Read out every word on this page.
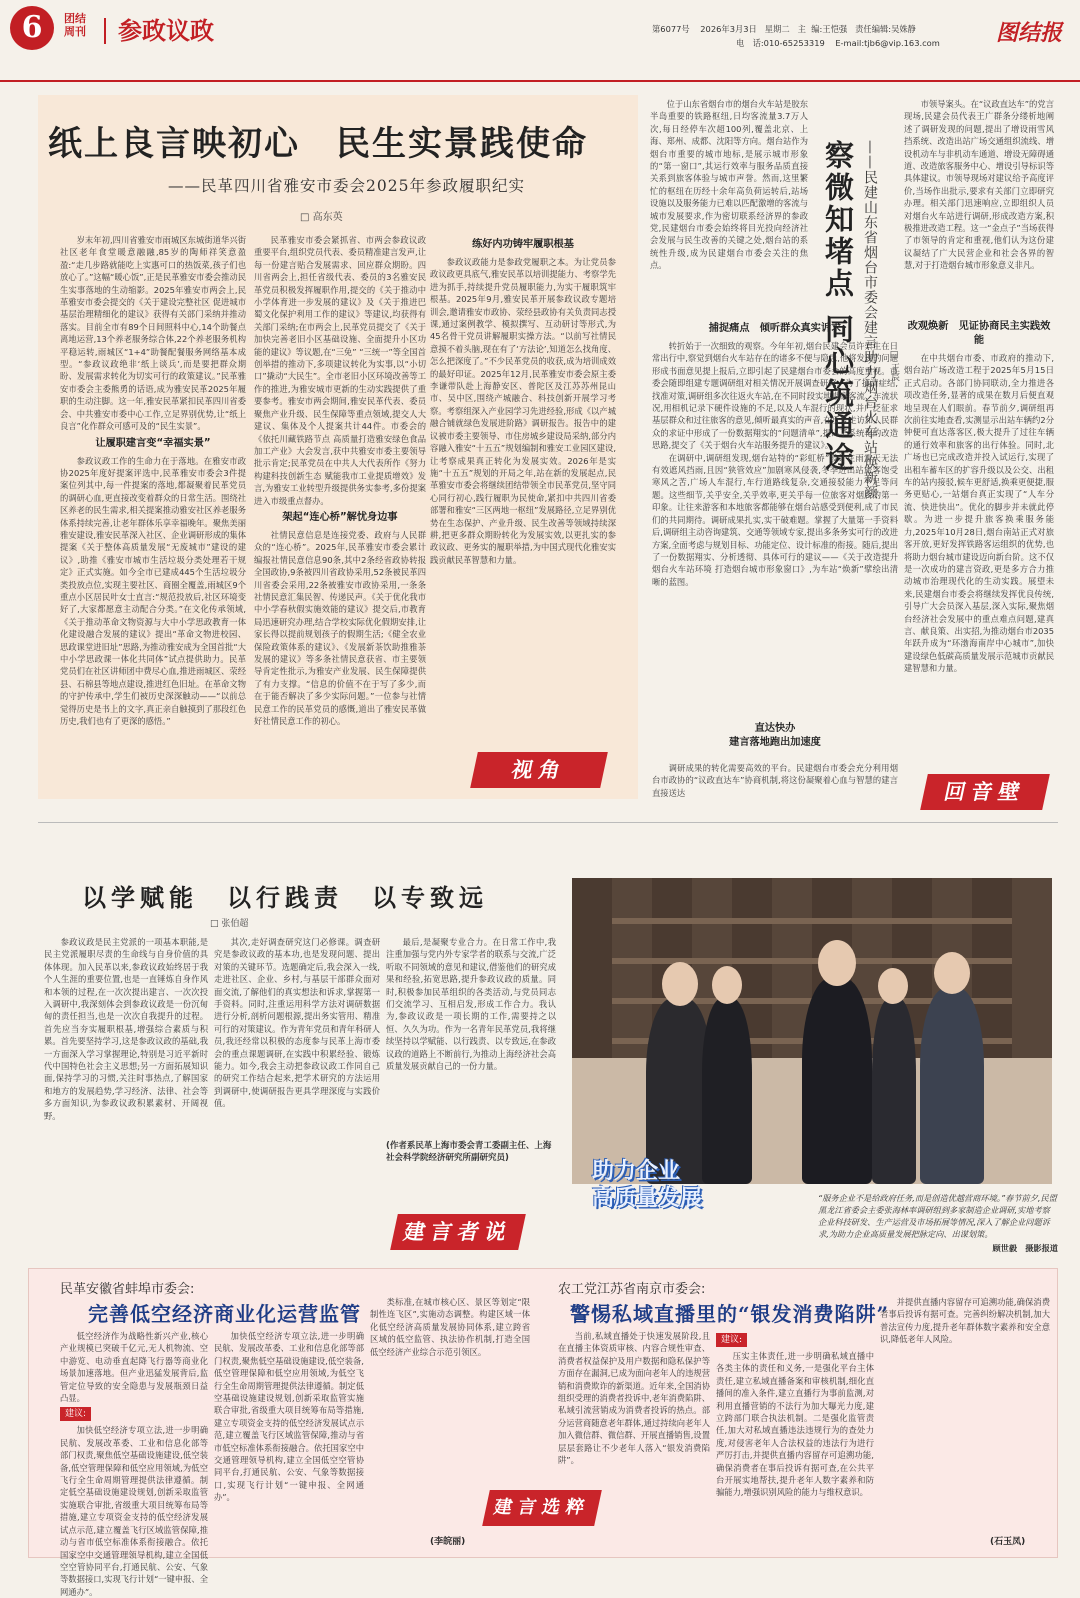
6	团结
周刊	参政议政	第6077号 2026年3月3日 星期二 主 编:王恺强 责任编辑:吴姝静
电　话:010-65253319 E-mail:tjb6@vip.163.com	图结报
纸上良言映初心　民生实景践使命
——民革四川省雅安市委会2025年参政履职纪实
□ 高东英

岁末年初,四川省雅安市雨城区东城街道华兴街社区老年食堂暖意融融,85岁的陶师祥笑意盈盈:“走几步路就能吃上实惠可口的热饭菜,孩子们也放心了。”这幅“暖心饭”,正是民革雅安市委会推动民生实事落地的生动缩影。2025年雅安市两会上,民革雅安市委会提交的《关于建设完整社区 促进城市基层治理精细化的建议》获得有关部门采纳并推动落实。目前全市有89个日间照料中心,14个助餐点离地运营,13个养老服务综合体,22个养老服务机构平稳运转,雨城区“1+4”助餐配餐服务网络基本成型。“参政议政绝非‘纸上谈兵’,而是要把群众期盼、发展需求转化为切实可行的政策建议。”民革雅安市委会主委熊勇的话语,成为雅安民革2025年履职的生动注脚。这一年,雅安民革紧扣民革四川省委会、中共雅安市委中心工作,立足界别优势,让“纸上良言”化作群众可感可及的“民生实景”。

让履职建言变“幸福实景”

参政议政工作的生命力在于落地。在雅安市政协2025年度好提案评选中,民革雅安市委会3件提案位列其中,每一件提案的落地,都凝聚着民革党员的调研心血,更直接改变着群众的日常生活。围绕社区养老的民生需求,相关提案推动雅安社区养老服务体系持续完善,让老年群体乐享幸福晚年。聚焦美丽雅安建设,雅安民革深入社区、企业调研形成的集体提案《关于整体高质量发展“无废城市”建设的建议》,助推《雅安市城市生活垃圾分类处理若干规定》正式实施。如今全市已建成445个生活垃圾分类投放点位,实现主要社区、商圈全覆盖,雨城区9个重点小区居民叶女士直言:“规范投放后,社区环境变好了,大家都愿意主动配合分类。”在文化传承领域,《关于推动革命文物资源与大中小学思政教育一体化建设融合发展的建议》提出“革命文物进校园、思政课堂进旧址”思路,为推动雅安成为全国首批“大中小学思政课一体化共同体”试点提供助力。民革党员们在社区讲师团中费尽心血,推进雨城区、荥经县、石棉县等地点建设,推进红色旧址。在革命文物的守护传承中,学生们被历史深深触动——“以前总觉得历史是书上的文字,真正亲自触摸到了那段红色历史,我们也有了更深的感悟。”

民革雅安市委会紧抓省、市两会参政议政重要平台,组织党员代表、委员精准建言发声,让每一份建言贴合发展需求、回应群众期盼。四川省两会上,担任省级代表、委员的3名雅安民革党员积极发挥履职作用,提交的《关于推动中小学体育进一步发展的建议》及《关于推进巴蜀文化保护利用工作的建议》等建议,均获得有关部门采纳;在市两会上,民革党员提交了《关于加快完善老旧小区基础设施、全面提升小区功能的建议》等议题,在“三免” “三统一”等全国首创举措的推动下,多项建议转化为实事,以“小切口”撬动“大民生”。全市老旧小区环境改善等工作的推进,为雅安城市更新的生动实践提供了重要参考。雅安市两会期间,雅安民革代表、委员聚焦产业升级、民生保障等重点领域,提交人大建议、集体及个人提案共计44件。市委会的《依托川藏铁路节点 高质量打造雅安绿色食品加工产业》大会发言,获中共雅安市委主要领导批示肯定;民革党员在中共人大代表所作《努力构建科技创新生态 赋能我市工业提质增效》发言,为雅安工业转型升级提供务实参考,多份提案进入市级重点督办。

架起“连心桥”解忧身边事

社情民意信息是连接党委、政府与人民群众的“连心桥”。2025年,民革雅安市委会累计编报社情民意信息90条,其中2条经省政协转报全国政协,9条被四川省政协采用,52条被民革四川省委会采用,22条被雅安市政协采用,一条条社情民意汇集民智、传递民声。《关于优化我市中小学春秋假实施效能的建议》提交后,市教育局迅速研究办理,结合学校实际优化假期安排,让家长得以提前规划孩子的假期生活;《健全农业保险政策体系的建议》、《发展新茶饮助推雅茶发展的建议》等多条社情民意获省、市主要领导肯定性批示,为雅安产业发展、民生保障提供了有力支撑。“信息的价值不在于写了多少,而在于能否解决了多少实际问题。”一位参与社情民意工作的民革党员的感慨,道出了雅安民革做好社情民意工作的初心。

练好内功铸牢履职根基

参政议政能力是参政党履职之本。为让党员参政议政更具底气,雅安民革以培训提能力、考察学先进为抓手,持续提升党员履职能力,为实干履职筑牢根基。2025年9月,雅安民革开展参政议政专题培训会,邀请雅安市政协、荥经县政协有关负责同志授课,通过案例教学、模拟撰写、互动研讨等形式,为45名骨干党员讲解履职实操方法。“以前写社情民意摸不着头脑,现在有了‘方法论’,知道怎么找角度、怎么把深度了。”不少民革党员的收获,成为培训成效的最好印证。2025年12月,民革雅安市委会原主委李谦带队赴上海静安区、普陀区及江苏苏州昆山市、吴中区,围绕产城融合、科技创新开展学习考察。考察组深入产业园学习先进经验,形成《以产城融合铺就绿色发展进阶路》调研报告。报告中的建议被市委主要领导、市住房城乡建设局采纳,部分内容融入雅安“十五五”规划编制和雅安工业园区建设,让考察成果真正转化为发展实效。2026年是实施“十五五”规划的开局之年,站在新的发展起点,民革雅安市委会将继续团结带领全市民革党员,坚守同心同行初心,践行履职为民使命,紧扣中共四川省委部署和雅安“三区两地一枢纽”发展路径,立足界别优势在生态保护、产业升级、民生改善等领域持续深耕,把更多群众期盼转化为发展实效,以更扎实的参政议政、更务实的履职举措,为中国式现代化雅安实践贡献民革智慧和力量。

视角

位于山东省烟台市的烟台火车站是胶东半岛重要的铁路枢纽,日均客流量3.7万人次,每日经停车次超100列,覆盖北京、上海、郑州、成都、沈阳等方向。烟台站作为烟台市重要的城市地标,是展示城市形象的“第一窗口”,其运行效率与服务品质直接关系到旅客体验与城市声誉。然而,这里繁忙的枢纽在历经十余年高负荷运转后,站场设施以及服务能力已难以匹配激增的客流与城市发展要求,作为密切联系经济界的参政党,民建烟台市委会始终将目光投向经济社会发展与民生改善的关键之处,烟台站的系统性升级,成为民建烟台市委会关注的焦点。	察微知堵点同心筑通途 ——民建山东省烟台市委会建言助力烟台火车站焕新颜 □ 王宸
捕捉痛点　倾听群众真实诉求

转折始于一次细致的观察。今年年初,烟台民建会员许崇生在日常出行中,察觉到烟台火车站存在的诸多不便与隐患,他将发现的问题形成书面意见提上报后,立即引起了民建烟台市委会的高度重视。市委会随即组建专题调研组对相关情况开展调查研究。为了摸清症结,找准对策,调研组多次往返火车站,在不同时段实地勘察客流、车流状况,用相机记录下硬件设施的不足,以及人车混行的现状,并广泛征求基层群众和过往旅客的意见,倾听最真实的声音,在反复走访和人民群众的求证中形成了一份数据翔实的“问题清单”,提出了系统化的改造思路,提交了《关于烟台火车站服务提升的建议》。

在调研中,调研组发现,烟台站特的“彩虹桥”设计在雨雪天无法有效遮风挡雨,且因“狭管效应”加剧寒风侵袭,冬季进出站旅客饱受寒风之苦,广场人车混行,车行道路线复杂,交通接驳能力不足等问题。这些细节,关乎安全,关乎效率,更关乎每一位旅客对烟台的第一印象。让往来游客和本地旅客都能够在烟台站感受到便利,成了市民们的共同期待。调研成果扎实,实干破难题。掌握了大量第一手资料后,调研组主动咨询建筑、交通等领域专家,提出多条务实可行的改进方案,全面考虑与规划目标、功能定位、设计标准的衔接。随后,提出了一份数据翔实、分析透彻、具体可行的建议——《关于改造提升烟台火车站环境 打造烟台城市形象窗口》,为车站“焕新”擘绘出清晰的蓝图。

直达快办
建言落地跑出加速度

调研成果的转化需要高效的平台。民建烟台市委会充分利用烟台市政协的“议政直达车”协商机制,将这份凝聚着心血与智慧的建言直接送达

市领导案头。在“议政直达车”的党言现场,民建会员代表王广群条分缕析地阐述了调研发现的问题,提出了增设雨雪风挡系统、改造出站广场交通组织流线、增设机动车与非机动车通道、增设无障碍通道、改造旅客服务中心、增设引导标识等具体建议。市领导现场对建议给予高度评价,当场作出批示,要求有关部门立即研究办理。相关部门迅速响应,立即组织人员对烟台火车站进行调研,形成改造方案,积极推进改造工程。这一“金点子”当场获得了市领导的肯定和重视,他们认为这份建议凝结了广大民营企业和社会各界的智慧,对于打造烟台城市形象意义非凡。

改观焕新　见证协商民主实践效能

在中共烟台市委、市政府的推动下,烟台站广场改造工程于2025年5月15日正式启动。各部门协同联动,全力推进各项改造任务,显著的成果在数月后便直观地呈现在人们眼前。春节前夕,调研组再次前往实地查看,实测显示出站车辆约2分钟便可直达落客区,极大提升了过往车辆的通行效率和旅客的出行体验。同时,北广场也已完成改造并投入试运行,实现了出租车蓄车区的扩容升级以及公交、出租车的站内接驳,候车更舒适,换乘更便捷,服务更贴心,一站烟台真正实现了“人车分流、快进快出”。优化的脚步并未就此停歇。为进一步提升旅客换乘服务能力,2025年10月28日,烟台南站正式对旅客开放,更好发挥铁路客运组织的优势,也将助力烟台城市建设迈向新台阶。这不仅是一次成功的建言资政,更是多方合力推动城市治理现代化的生动实践。展望未来,民建烟台市委会将继续发挥优良传统,引导广大会员深入基层,深入实际,聚焦烟台经济社会发展中的重点难点问题,建真言、献良策、出实招,为推动烟台市2035年跃升成为“环渤海南岸中心城市”,加快建设绿色低碳高质量发展示范城市贡献民建智慧和力量。

回音壁
以学赋能　以行践责　以专致远
□ 张伯超

参政议政是民主党派的一项基本职能,是民主党派履职尽责的生命线与自身价值的具体体现。加入民革以来,参政议政始终居于我个人生涯的重要位置,也是一直锤炼自身作风和本领的过程,在一次次提出建言、一次次投入调研中,我深刻体会到参政议政是一份沉甸甸的责任担当,也是一次次自我提升的过程。首先应当夯实履职根基,增强综合素质与积累。首先要坚持学习,这是参政议政的基础,我一方面深入学习掌握理论,特别是习近平新时代中国特色社会主义思想;另一方面拓展知识面,保持学习的习惯,关注时事热点,了解国家和地方的发展趋势,学习经济、法律、社会等多方面知识,为参政议政积累素材、开阔视野。

其次,走好调查研究这门必修课。调查研究是参政议政的基本功,也是发现问题、提出对策的关键环节。选题确定后,我会深入一线,走进社区、企业、乡村,与基层干部群众面对面交流,了解他们的真实想法和诉求,掌握第一手资料。同时,注重运用科学方法对调研数据进行分析,剖析问题根源,提出务实管用、精准可行的对策建议。作为青年党员和青年科研人员,我还经常以积极的态度参与民革上海市委会的重点课题调研,在实践中积累经验、锻炼能力。如今,我会主动把参政议政工作同自己的研究工作结合起来,把学术研究的方法运用到调研中,使调研报告更具学理深度与实践价值。

最后,是凝聚专业合力。在日常工作中,我注重加强与党内外专家学者的联系与交流,广泛听取不同领域的意见和建议,借鉴他们的研究成果和经验,拓宽思路,提升参政议政的质量。同时,积极参加民革组织的各类活动,与党员同志们交流学习、互相启发,形成工作合力。我认为,参政议政是一项长期的工作,需要持之以恒、久久为功。作为一名青年民革党员,我将继续坚持以学赋能、以行践责、以专致远,在参政议政的道路上不断前行,为推动上海经济社会高质量发展贡献自己的一份力量。

(作者系民革上海市委会青工委副主任、上海社会科学院经济研究所副研究员)
建言者说
助力企业
高质量发展	“服务企业不是给政府任务,而是创造优越营商环境。”春节前夕,民盟黑龙江省委会主委张海林率调研组到多家制造企业调研,实地考察企业科技研发、生产运营及市场拓展等情况,深入了解企业问题诉求,为助力企业高质量发展把脉定向、出谋划策。
顾世毅　摄影报道
民革安徽省蚌埠市委会:
完善低空经济商业化运营监管

低空经济作为战略性新兴产业,核心产业规模已突破千亿元,无人机物流、空中游览、电动垂直起降飞行器等商业化场景加速落地。但产业迅猛发展背后,监管定位导致的安全隐患与发展瓶颈日益凸显。

建议:

加快低空经济专项立法,进一步明确民航、发展改革委、工业和信息化部等部门权责,聚焦低空基础设施建设,低空装备,低空管理保障和低空应用领域,为低空飞行全生命周期管理提供法律遵循。制定低空基础设施建设规划,创新采取监管实施联合审批,省级重大项目统筹布局等措施,建立专项资金支持的低空经济发展试点示范,建立覆盖飞行区域监管保障,推动与省市低空标准体系衔接融合。依托国家空中交通管理领导机构,建立全国低空空管协同平台,打通民航、公安、气象等数据接口,实现飞行计划“一键申报、全网通办”。

加快低空经济专项立法,进一步明确民航、发展改革委、工业和信息化部等部门权责,聚焦低空基础设施建设,低空装备,低空管理保障和低空应用领域,为低空飞行全生命周期管理提供法律遵循。制定低空基础设施建设规划,创新采取监管实施联合审批,省级重大项目统筹布局等措施,建立专项资金支持的低空经济发展试点示范,建立覆盖飞行区域监管保障,推动与省市低空标准体系衔接融合。依托国家空中交通管理领导机构,建立全国低空空管协同平台,打通民航、公安、气象等数据接口,实现飞行计划“一键申报、全网通办”。

类标准,在城市核心区、景区等划定“限制性连飞区”,实施动态调整。构建区域一体化低空经济高质量发展协同体系,建立跨省区域的低空监管、执法协作机制,打造全国低空经济产业综合示范引领区。

(李皖丽)
建言选粹
农工党江苏省南京市委会:
警惕私域直播里的“银发消费陷阱”

当前,私域直播处于快速发展阶段,且在直播主体资质审核、内容合规性审查、消费者权益保护及用户数据和隐私保护等方面存在漏洞,已成为面向老年人的违规营销和消费欺诈的新渠道。近年来,全国消协组织受理的消费者投诉中,老年消费陷阱、私域引流营销成为消费者投诉的热点。部分运营商随意老年群体,通过持续向老年人加入微信群、微信群、开展直播销售,设置层层套路让不少老年人落入“银发消费陷阱”。

建议:

压实主体责任,进一步明确私域直播中各类主体的责任和义务,一是强化平台主体责任,建立私域直播备案和审核机制,细化直播间的准入条件,建立直播行为事前监测,对利用直播营销的不法行为加大曝光力度,建立跨部门联合执法机制。二是强化监管责任,加大对私域直播违法违规行为的查处力度,对侵害老年人合法权益的违法行为进行严厉打击,并提供直播内容留存可追溯功能,确保消费者在事后投诉有据可查,在公共平台开展实地帮扶,提升老年人数字素养和防骗能力,增强识别风险的能力与维权意识。

并提供直播内容留存可追溯功能,确保消费者事后投诉有据可查。完善纠纷解决机制,加大普法宣传力度,提升老年群体数字素养和安全意识,降低老年人风险。

(石玉凤)
